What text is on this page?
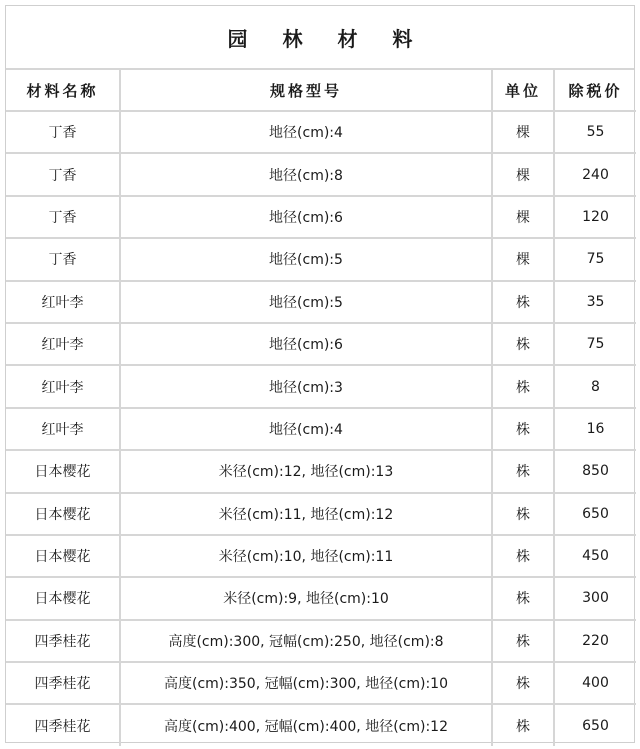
园 林 材 料
材料名称	规格型号	单位	除税价
丁香	地径(cm):4	棵	55
丁香	地径(cm):8	棵	240
丁香	地径(cm):6	棵	120
丁香	地径(cm):5	棵	75
红叶李	地径(cm):5	株	35
红叶李	地径(cm):6	株	75
红叶李	地径(cm):3	株	8
红叶李	地径(cm):4	株	16
日本樱花	米径(cm):12, 地径(cm):13	株	850
日本樱花	米径(cm):11, 地径(cm):12	株	650
日本樱花	米径(cm):10, 地径(cm):11	株	450
日本樱花	米径(cm):9, 地径(cm):10	株	300
四季桂花	高度(cm):300, 冠幅(cm):250, 地径(cm):8	株	220
四季桂花	高度(cm):350, 冠幅(cm):300, 地径(cm):10	株	400
四季桂花	高度(cm):400, 冠幅(cm):400, 地径(cm):12	株	650
